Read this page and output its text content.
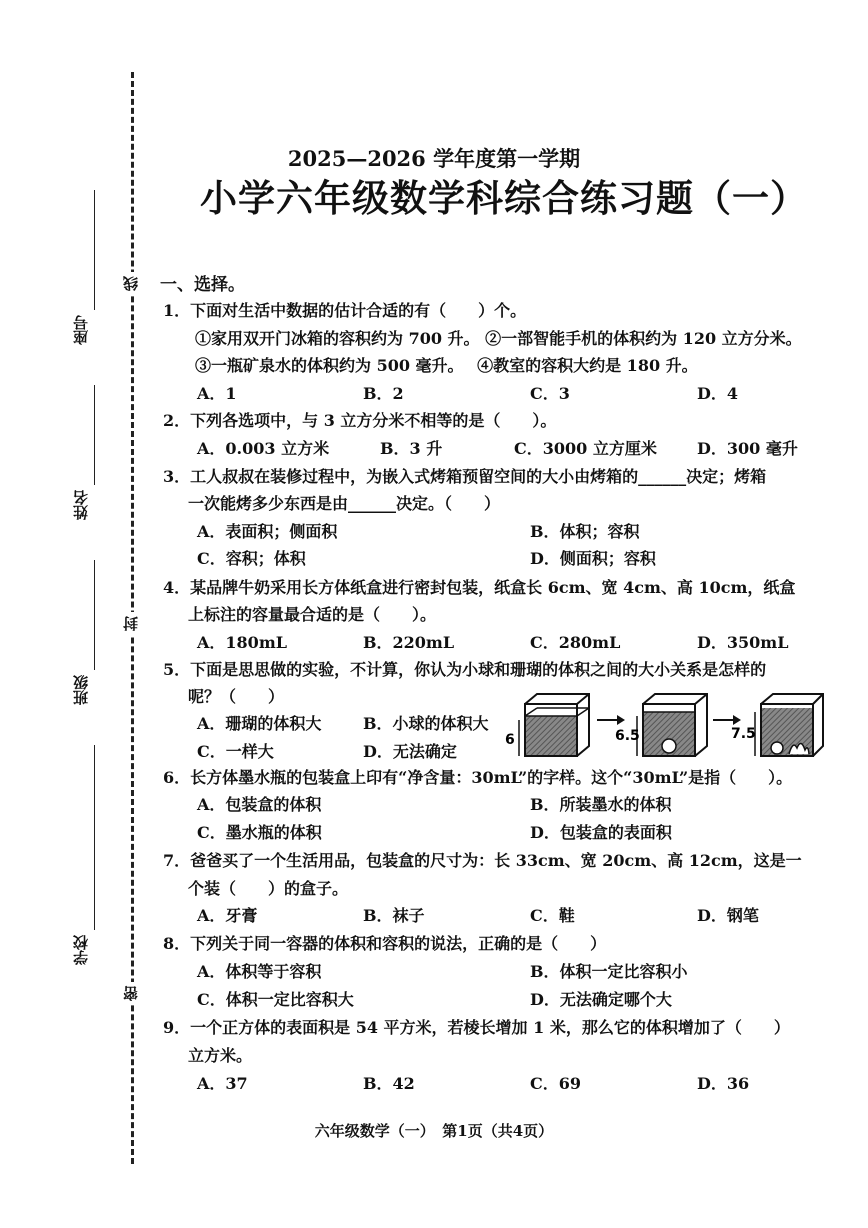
线
封
密
座号
姓名
班级
学校
2025—2026 学年度第一学期
小学六年级数学科综合练习题（一）
一、选择。
1．下面对生活中数据的估计合适的有（　　）个。
①家用双开门冰箱的容积约为 700 升。 ②一部智能手机的体积约为 120 立方分米。
③一瓶矿泉水的体积约为 500 毫升。　 ④教室的容积大约是 180 升。
A．1	B．2	C．3	D．4
2．下列各选项中，与 3 立方分米不相等的是（　　）。
A．0.003 立方米	B．3 升	C．3000 立方厘米	D．300 毫升
3．工人叔叔在装修过程中，为嵌入式烤箱预留空间的大小由烤箱的______决定；烤箱
一次能烤多少东西是由______决定。（　　）
A．表面积；侧面积	B．体积；容积
C．容积；体积	D．侧面积；容积
4．某品牌牛奶采用长方体纸盒进行密封包装，纸盒长 6cm、宽 4cm、高 10cm，纸盒
上标注的容量最合适的是（　　）。
A．180mL	B．220mL	C．280mL	D．350mL
5．下面是思思做的实验，不计算，你认为小球和珊瑚的体积之间的大小关系是怎样的
呢？（　　）
A．珊瑚的体积大	B．小球的体积大
C．一样大	D．无法确定
6	6.5	7.5
6．长方体墨水瓶的包装盒上印有“净含量：30mL”的字样。这个“30mL”是指（　　）。
A．包装盒的体积	B．所装墨水的体积
C．墨水瓶的体积	D．包装盒的表面积
7．爸爸买了一个生活用品，包装盒的尺寸为：长 33cm、宽 20cm、高 12cm，这是一
个装（　　）的盒子。
A．牙膏	B．袜子	C．鞋	D．钢笔
8．下列关于同一容器的体积和容积的说法，正确的是（　　）
A．体积等于容积	B．体积一定比容积小
C．体积一定比容积大	D．无法确定哪个大
9．一个正方体的表面积是 54 平方米，若棱长增加 1 米，那么它的体积增加了（　　）
立方米。
A．37	B．42	C．69	D．36
六年级数学（一）　第1页（共4页）
